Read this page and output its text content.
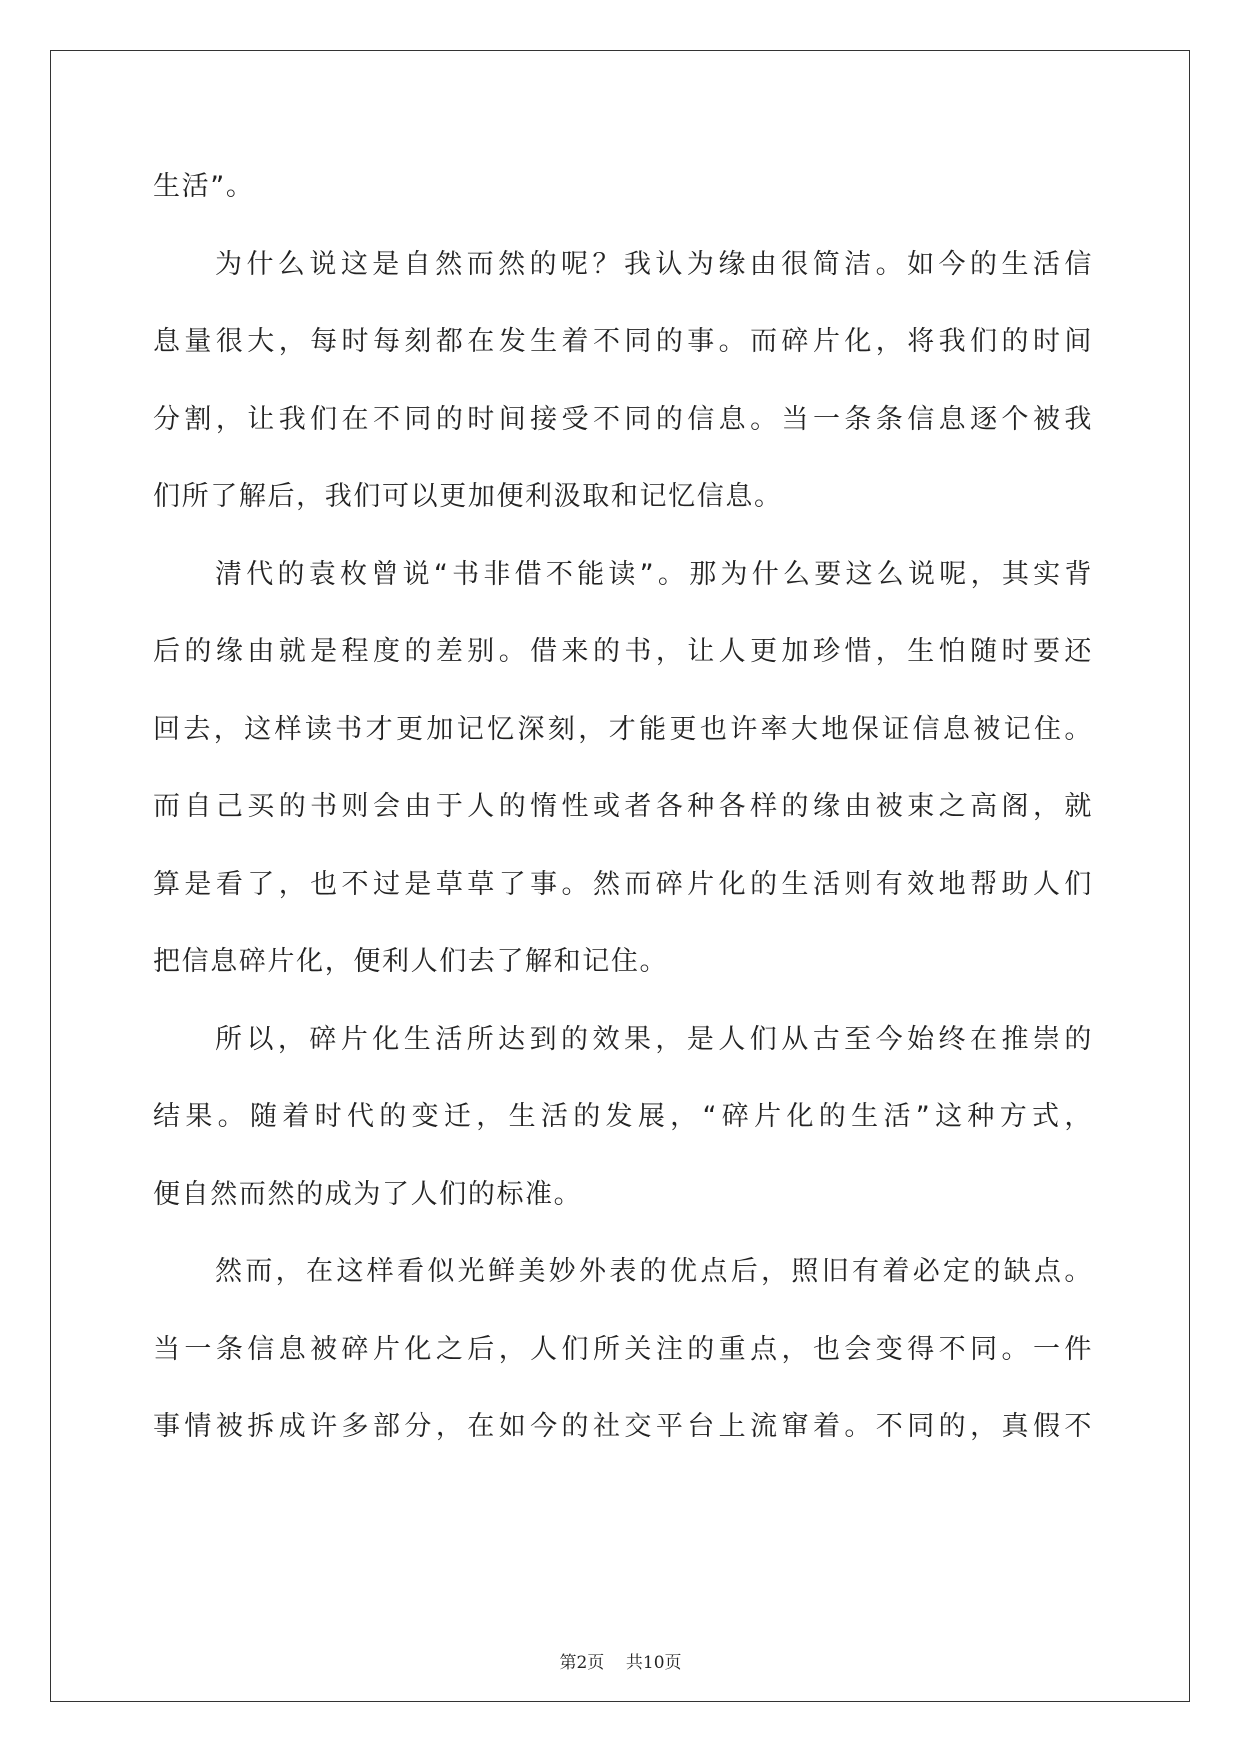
生活”。
为什么说这是自然而然的呢？我认为缘由很简洁。如今的生活信
息量很大，每时每刻都在发生着不同的事。而碎片化，将我们的时间
分割，让我们在不同的时间接受不同的信息。当一条条信息逐个被我
们所了解后，我们可以更加便利汲取和记忆信息。
清代的袁枚曾说“书非借不能读”。那为什么要这么说呢，其实背
后的缘由就是程度的差别。借来的书，让人更加珍惜，生怕随时要还
回去，这样读书才更加记忆深刻，才能更也许率大地保证信息被记住。
而自己买的书则会由于人的惰性或者各种各样的缘由被束之高阁，就
算是看了，也不过是草草了事。然而碎片化的生活则有效地帮助人们
把信息碎片化，便利人们去了解和记住。
所以，碎片化生活所达到的效果，是人们从古至今始终在推崇的
结果。随着时代的变迁，生活的发展，“碎片化的生活”这种方式，
便自然而然的成为了人们的标准。
然而，在这样看似光鲜美妙外表的优点后，照旧有着必定的缺点。
当一条信息被碎片化之后，人们所关注的重点，也会变得不同。一件
事情被拆成许多部分，在如今的社交平台上流窜着。不同的，真假不
第2页 共10页
